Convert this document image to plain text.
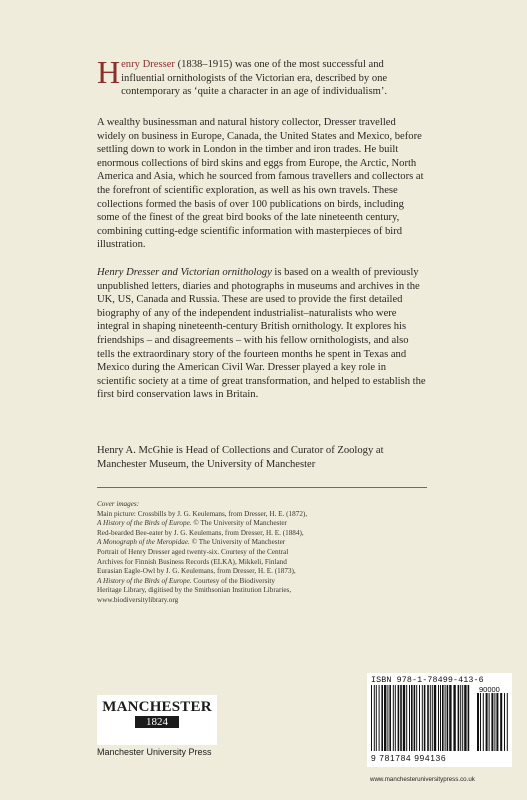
Henry Dresser (1838–1915) was one of the most successful and influential ornithologists of the Victorian era, described by one contemporary as ‘quite a character in an age of individualism’.

A wealthy businessman and natural history collector, Dresser travelled widely on business in Europe, Canada, the United States and Mexico, before settling down to work in London in the timber and iron trades. He built enormous collections of bird skins and eggs from Europe, the Arctic, North America and Asia, which he sourced from famous travellers and collectors at the forefront of scientific exploration, as well as his own travels. These collections formed the basis of over 100 publications on birds, including some of the finest of the great bird books of the late nineteenth century, combining cutting-edge scientific information with masterpieces of bird illustration.

Henry Dresser and Victorian ornithology is based on a wealth of previously unpublished letters, diaries and photographs in museums and archives in the UK, US, Canada and Russia. These are used to provide the first detailed biography of any of the independent industrialist–naturalists who were integral in shaping nineteenth-century British ornithology. It explores his friendships – and disagreements – with his fellow ornithologists, and also tells the extraordinary story of the fourteen months he spent in Texas and Mexico during the American Civil War. Dresser played a key role in scientific society at a time of great transformation, and helped to establish the first bird conservation laws in Britain.

Henry A. McGhie is Head of Collections and Curator of Zoology at Manchester Museum, the University of Manchester

Cover images:
Main picture: Crossbills by J. G. Keulemans, from Dresser, H. E. (1872),
A History of the Birds of Europe. © The University of Manchester
Red-bearded Bee-eater by J. G. Keulemans, from Dresser, H. E. (1884),
A Monograph of the Meropidae. © The University of Manchester
Portrait of Henry Dresser aged twenty-six. Courtesy of the Central
Archives for Finnish Business Records (ELKA), Mikkeli, Finland
Eurasian Eagle-Owl by J. G. Keulemans, from Dresser, H. E. (1873),
A History of the Birds of Europe. Courtesy of the Biodiversity
Heritage Library, digitised by the Smithsonian Institution Libraries,
www.biodiversitylibrary.org
MANCHESTER
1824
Manchester University Press
ISBN 978-1-78499-413-6
90000
9 781784 994136
www.manchesteruniversitypress.co.uk
